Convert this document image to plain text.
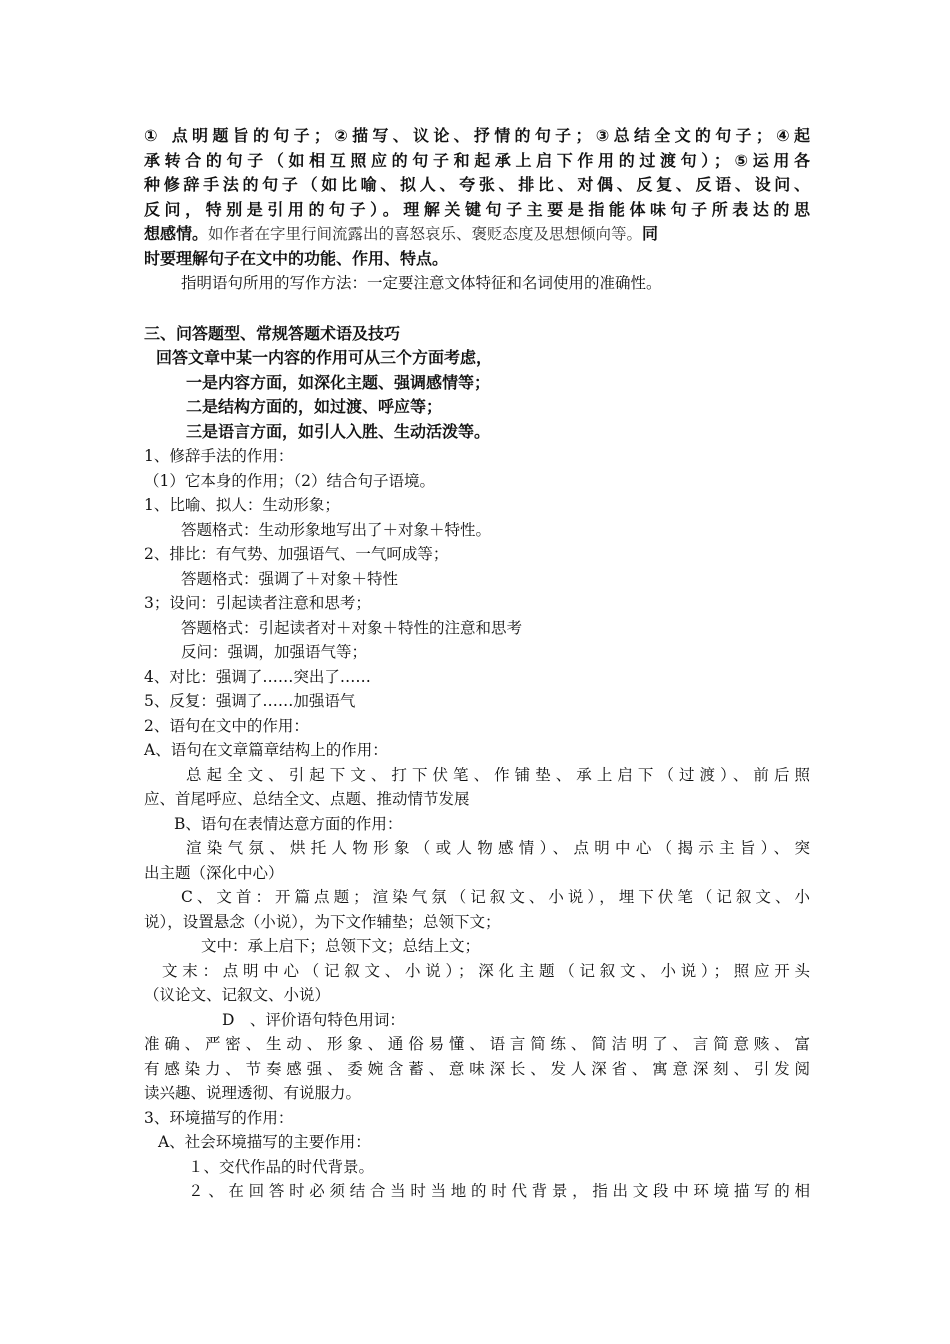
① 点明题旨的句子；②描写、议论、抒情的句子；③总结全文的句子；④起

承转合的句子（如相互照应的句子和起承上启下作用的过渡句）；⑤运用各

种修辞手法的句子（如比喻、拟人、夸张、排比、对偶、反复、反语、设问、

反问，特别是引用的句子）。理解关键句子主要是指能体味句子所表达的思

想感情。如作者在字里行间流露出的喜怒哀乐、褒贬态度及思想倾向等。同

时要理解句子在文中的功能、作用、特点。

指明语句所用的写作方法：一定要注意文体特征和名词使用的准确性。

三、问答题型、常规答题术语及技巧

回答文章中某一内容的作用可从三个方面考虑，

一是内容方面，如深化主题、强调感情等；

二是结构方面的，如过渡、呼应等；

三是语言方面，如引人入胜、生动活泼等。

1、修辞手法的作用：

（1）它本身的作用；（2）结合句子语境。

1、比喻、拟人：生动形象；

答题格式：生动形象地写出了＋对象＋特性。

2、排比：有气势、加强语气、一气呵成等；

答题格式：强调了＋对象＋特性

3；设问：引起读者注意和思考；

答题格式：引起读者对＋对象＋特性的注意和思考

反问：强调，加强语气等；

4、对比：强调了……突出了……

5、反复：强调了……加强语气

2、语句在文中的作用：

A、语句在文章篇章结构上的作用：

总起全文、引起下文、打下伏笔、作铺垫、承上启下（过渡）、前后照

应、首尾呼应、总结全文、点题、推动情节发展

B、语句在表情达意方面的作用：

渲染气氛、烘托人物形象（或人物感情）、点明中心（揭示主旨）、突

出主题（深化中心）

C、文首：开篇点题；渲染气氛（记叙文、小说），埋下伏笔（记叙文、小

说），设置悬念（小说），为下文作辅垫；总领下文；

文中：承上启下；总领下文；总结上文；

文末：点明中心（记叙文、小说）；深化主题（记叙文、小说）；照应开头

（议论文、记叙文、小说）

D　、评价语句特色用词：

准确、严密、生动、形象、通俗易懂、语言简练、简洁明了、言简意赅、富

有感染力、节奏感强、委婉含蓄、意味深长、发人深省、寓意深刻、引发阅

读兴趣、说理透彻、有说服力。

3、环境描写的作用：

A、社会环境描写的主要作用：

１、交代作品的时代背景。

２、在回答时必须结合当时当地的时代背景，指出文段中环境描写的相
